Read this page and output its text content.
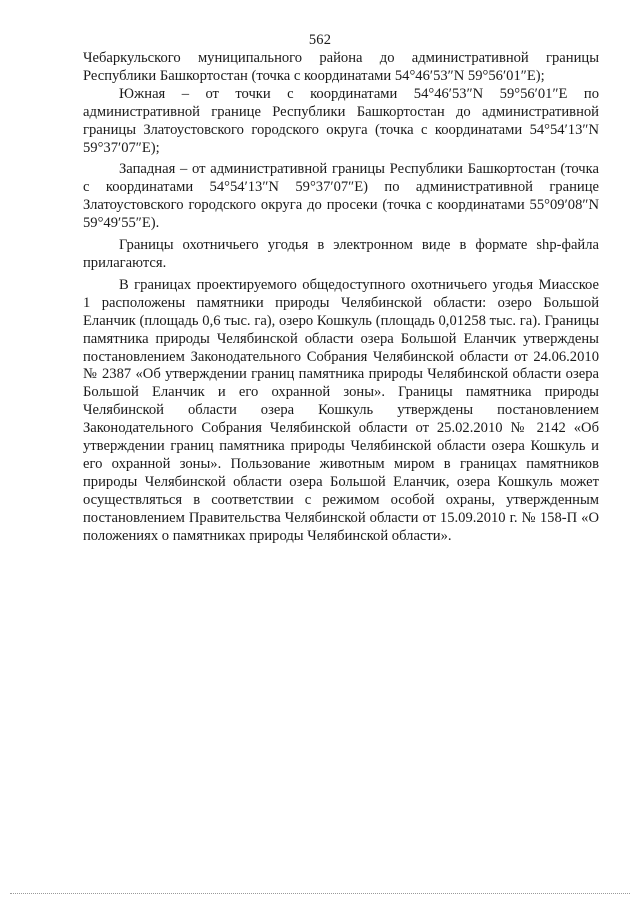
562

Чебаркульского муниципального района до административной границы Республики Башкортостан (точка с координатами 54°46′53″N 59°56′01″E);

Южная – от точки с координатами 54°46′53″N 59°56′01″E по административной границе Республики Башкортостан до административной границы Златоустовского городского округа (точка с координатами 54°54′13″N 59°37′07″E);

Западная – от административной границы Республики Башкортостан (точка с координатами 54°54′13″N 59°37′07″E) по административной границе Златоустовского городского округа до просеки (точка с координатами 55°09′08″N 59°49′55″E).

Границы охотничьего угодья в электронном виде в формате shp-файла прилагаются.

В границах проектируемого общедоступного охотничьего угодья Миасское 1 расположены памятники природы Челябинской области: озеро Большой Еланчик (площадь 0,6 тыс. га), озеро Кошкуль (площадь 0,01258 тыс. га). Границы памятника природы Челябинской области озера Большой Еланчик утверждены постановлением Законодательного Собрания Челябинской области от 24.06.2010 № 2387 «Об утверждении границ памятника природы Челябинской области озера Большой Еланчик и его охранной зоны». Границы памятника природы Челябинской области озера Кошкуль утверждены постановлением Законодательного Собрания Челябинской области от 25.02.2010 № 2142 «Об утверждении границ памятника природы Челябинской области озера Кошкуль и его охранной зоны». Пользование животным миром в границах памятников природы Челябинской области озера Большой Еланчик, озера Кошкуль может осуществляться в соответствии с режимом особой охраны, утвержденным постановлением Правительства Челябинской области от 15.09.2010 г. № 158-П «О положениях о памятниках природы Челябинской области».
